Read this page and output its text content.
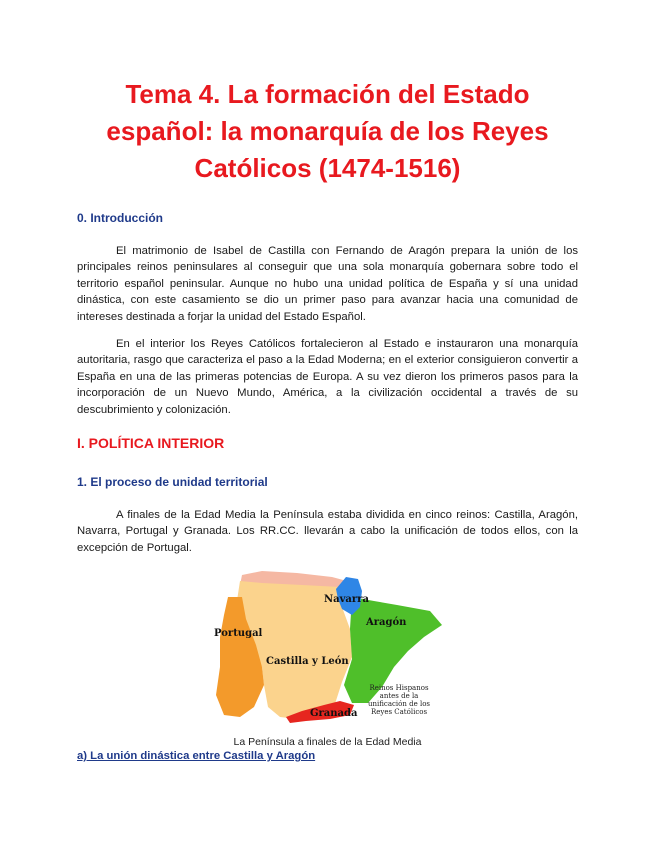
Tema 4. La formación del Estado
español: la monarquía de los Reyes
Católicos (1474-1516)
0. Introducción

El matrimonio de Isabel de Castilla con Fernando de Aragón prepara la unión de los principales reinos peninsulares al conseguir que una sola monarquía gobernara sobre todo el territorio español peninsular. Aunque no hubo una unidad política de España y sí una unidad dinástica, con este casamiento se dio un primer paso para avanzar hacia una comunidad de intereses destinada a forjar la unidad del Estado Español.

En el interior los Reyes Católicos fortalecieron al Estado e instauraron una monarquía autoritaria, rasgo que caracteriza el paso a la Edad Moderna; en el exterior consiguieron convertir a España en una de las primeras potencias de Europa. A su vez dieron los primeros pasos para la incorporación de un Nuevo Mundo, América, a la civilización occidental a través de su descubrimiento y colonización.

I. POLÍTICA INTERIOR
1. El proceso de unidad territorial

A finales de la Edad Media la Península estaba dividida en cinco reinos: Castilla, Aragón, Navarra, Portugal y Granada. Los RR.CC. llevarán a cabo la unificación de todos ellos, con la excepción de Portugal.

Navarra
Aragón
Portugal
Castilla y León
Granada
Reinos Hispanos
antes de la
unificación de los
Reyes Católicos
La Península a finales de la Edad Media
a) La unión dinástica entre Castilla y Aragón
